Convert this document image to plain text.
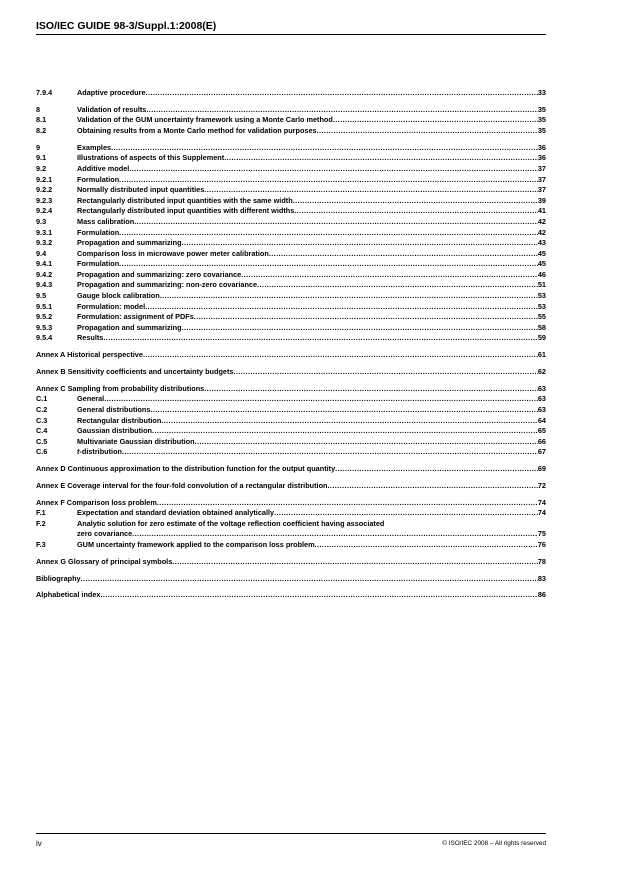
ISO/IEC GUIDE 98-3/Suppl.1:2008(E)
7.9.4	Adaptive procedure .....	33
8	Validation of results .....	35
8.1	Validation of the GUM uncertainty framework using a Monte Carlo method .....	35
8.2	Obtaining results from a Monte Carlo method for validation purposes .....	35
9	Examples .....	36
9.1	Illustrations of aspects of this Supplement .....	36
9.2	Additive model .....	37
9.2.1	Formulation .....	37
9.2.2	Normally distributed input quantities .....	37
9.2.3	Rectangularly distributed input quantities with the same width .....	39
9.2.4	Rectangularly distributed input quantities with different widths .....	41
9.3	Mass calibration .....	42
9.3.1	Formulation .....	42
9.3.2	Propagation and summarizing .....	43
9.4	Comparison loss in microwave power meter calibration .....	45
9.4.1	Formulation .....	45
9.4.2	Propagation and summarizing: zero covariance .....	46
9.4.3	Propagation and summarizing: non-zero covariance .....	51
9.5	Gauge block calibration .....	53
9.5.1	Formulation: model .....	53
9.5.2	Formulation: assignment of PDFs .....	55
9.5.3	Propagation and summarizing .....	58
9.5.4	Results .....	59
Annex A Historical perspective .....	61
Annex B Sensitivity coefficients and uncertainty budgets .....	62
Annex C Sampling from probability distributions .....	63
C.1	General .....	63
C.2	General distributions .....	63
C.3	Rectangular distribution .....	64
C.4	Gaussian distribution .....	65
C.5	Multivariate Gaussian distribution .....	66
C.6	t-distribution .....	67
Annex D Continuous approximation to the distribution function for the output quantity .....	69
Annex E Coverage interval for the four-fold convolution of a rectangular distribution .....	72
Annex F Comparison loss problem .....	74
F.1	Expectation and standard deviation obtained analytically .....	74
F.2	Analytic solution for zero estimate of the voltage reflection coefficient having associated
zero covariance .....	75
F.3	GUM uncertainty framework applied to the comparison loss problem .....	76
Annex G Glossary of principal symbols .....	78
Bibliography .....	83
Alphabetical index .....	86
iv	© ISO/IEC 2008 – All rights reserved
